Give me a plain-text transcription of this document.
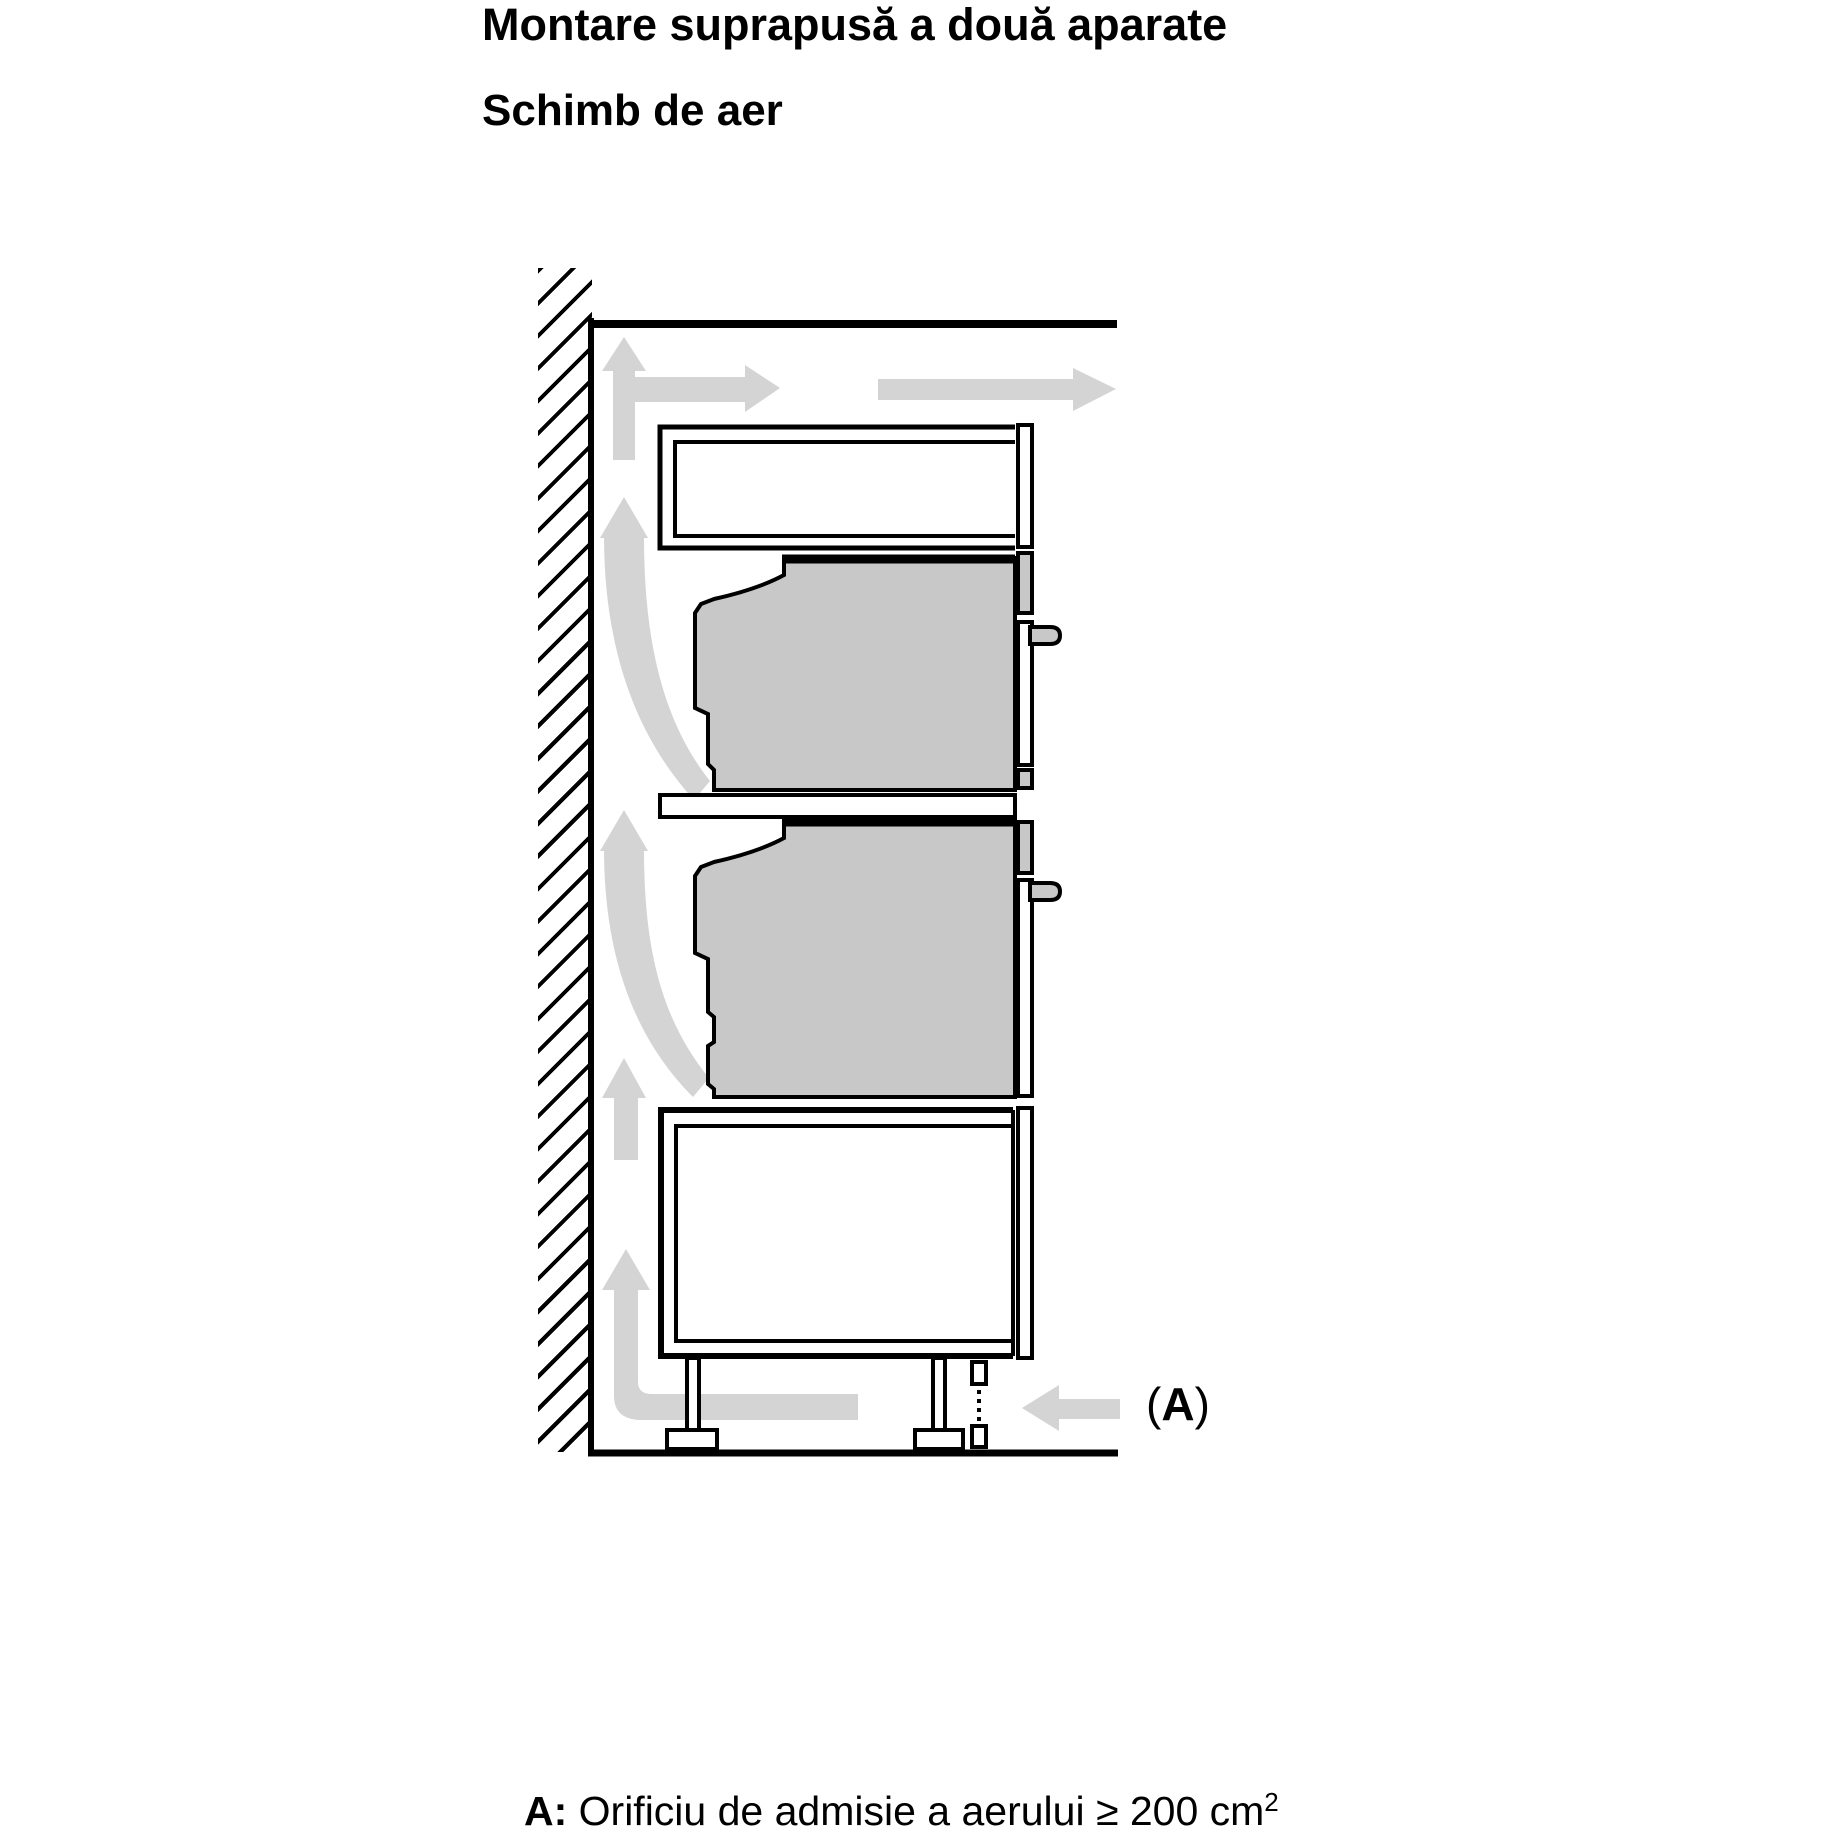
Montare suprapusă a două aparate
Schimb de aer
(A)
A: Orificiu de admisie a aerului ≥ 200 $cm^2$
